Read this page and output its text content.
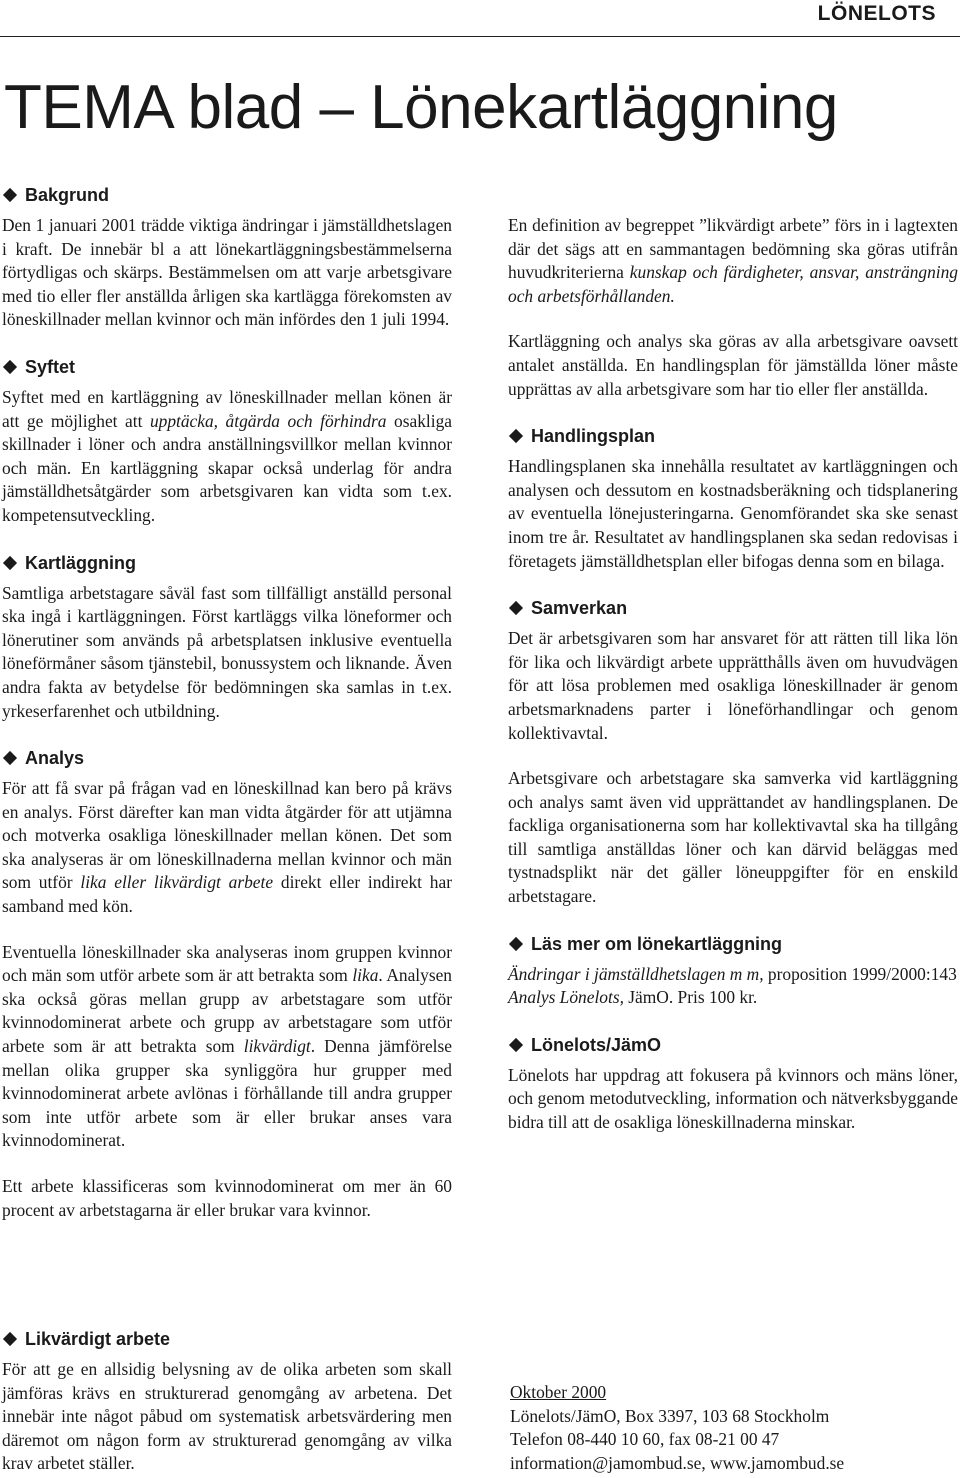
LÖNELOTS
TEMA blad – Lönekartläggning
Bakgrund

Den 1 januari 2001 trädde viktiga ändringar i jämställdhetslagen i kraft. De innebär bl a att lönekartläggningsbestämmelserna förtydligas och skärps. Bestämmelsen om att varje arbetsgivare med tio eller fler anställda årligen ska kartlägga förekomsten av löneskillnader mellan kvinnor och män infördes den 1 juli 1994.

Syftet

Syftet med en kartläggning av löneskillnader mellan könen är att ge möjlighet att upptäcka, åtgärda och förhindra osakliga skillnader i löner och andra anställningsvillkor mellan kvinnor och män. En kartläggning skapar också underlag för andra jämställdhetsåtgärder som arbetsgivaren kan vidta som t.ex. kompetensutveckling.

Kartläggning

Samtliga arbetstagare såväl fast som tillfälligt anställd personal ska ingå i kartläggningen. Först kartläggs vilka löneformer och lönerutiner som används på arbetsplatsen inklusive eventuella löneförmåner såsom tjänstebil, bonussystem och liknande. Även andra fakta av betydelse för bedömningen ska samlas in t.ex. yrkeserfarenhet och utbildning.

Analys

För att få svar på frågan vad en löneskillnad kan bero på krävs en analys. Först därefter kan man vidta åtgärder för att utjämna och motverka osakliga löneskillnader mellan könen. Det som ska analyseras är om löneskillnaderna mellan kvinnor och män som utför lika eller likvärdigt arbete direkt eller indirekt har samband med kön.

Eventuella löneskillnader ska analyseras inom gruppen kvinnor och män som utför arbete som är att betrakta som lika. Analysen ska också göras mellan grupp av arbetstagare som utför kvinnodominerat arbete och grupp av arbetstagare som utför arbete som är att betrakta som likvärdigt. Denna jämförelse mellan olika grupper ska synliggöra hur grupper med kvinnodominerat arbete avlönas i förhållande till andra grupper som inte utför arbete som är eller brukar anses vara kvinnodominerat.

Ett arbete klassificeras som kvinnodominerat om mer än 60 procent av arbetstagarna är eller brukar vara kvinnor.

En definition av begreppet ”likvärdigt arbete” förs in i lagtexten där det sägs att en sammantagen bedömning ska göras utifrån huvudkriterierna kunskap och färdigheter, ansvar, ansträngning och arbetsförhållanden.

Kartläggning och analys ska göras av alla arbetsgivare oavsett antalet anställda. En handlingsplan för jämställda löner måste upprättas av alla arbetsgivare som har tio eller fler anställda.

Handlingsplan

Handlingsplanen ska innehålla resultatet av kartläggningen och analysen och dessutom en kostnadsberäkning och tidsplanering av eventuella lönejusteringarna. Genomförandet ska ske senast inom tre år. Resultatet av handlingsplanen ska sedan redovisas i företagets jämställdhetsplan eller bifogas denna som en bilaga.

Samverkan

Det är arbetsgivaren som har ansvaret för att rätten till lika lön för lika och likvärdigt arbete upprätthålls även om huvudvägen för att lösa problemen med osakliga löneskillnader är genom arbetsmarknadens parter i löneförhandlingar och genom kollektivavtal.

Arbetsgivare och arbetstagare ska samverka vid kartläggning och analys samt även vid upprättandet av handlingsplanen. De fackliga organisationerna som har kollektivavtal ska ha tillgång till samtliga anställdas löner och kan därvid beläggas med tystnadsplikt när det gäller löneuppgifter för en enskild arbetstagare.

Läs mer om lönekartläggning

Ändringar i jämställdhetslagen m m, proposition 1999/2000:143

Analys Lönelots, JämO. Pris 100 kr.

Lönelots/JämO

Lönelots har uppdrag att fokusera på kvinnors och mäns löner, och genom metodutveckling, information och nätverksbyggande bidra till att de osakliga löneskillnaderna minskar.

Likvärdigt arbete

För att ge en allsidig belysning av de olika arbeten som skall jämföras krävs en strukturerad genomgång av arbetena. Det innebär inte något påbud om systematisk arbetsvärdering men däremot om någon form av strukturerad genomgång av vilka krav arbetet ställer.

Oktober 2000
Lönelots/JämO, Box 3397, 103 68 Stockholm
Telefon 08-440 10 60, fax 08-21 00 47
information@jamombud.se, www.jamombud.se
